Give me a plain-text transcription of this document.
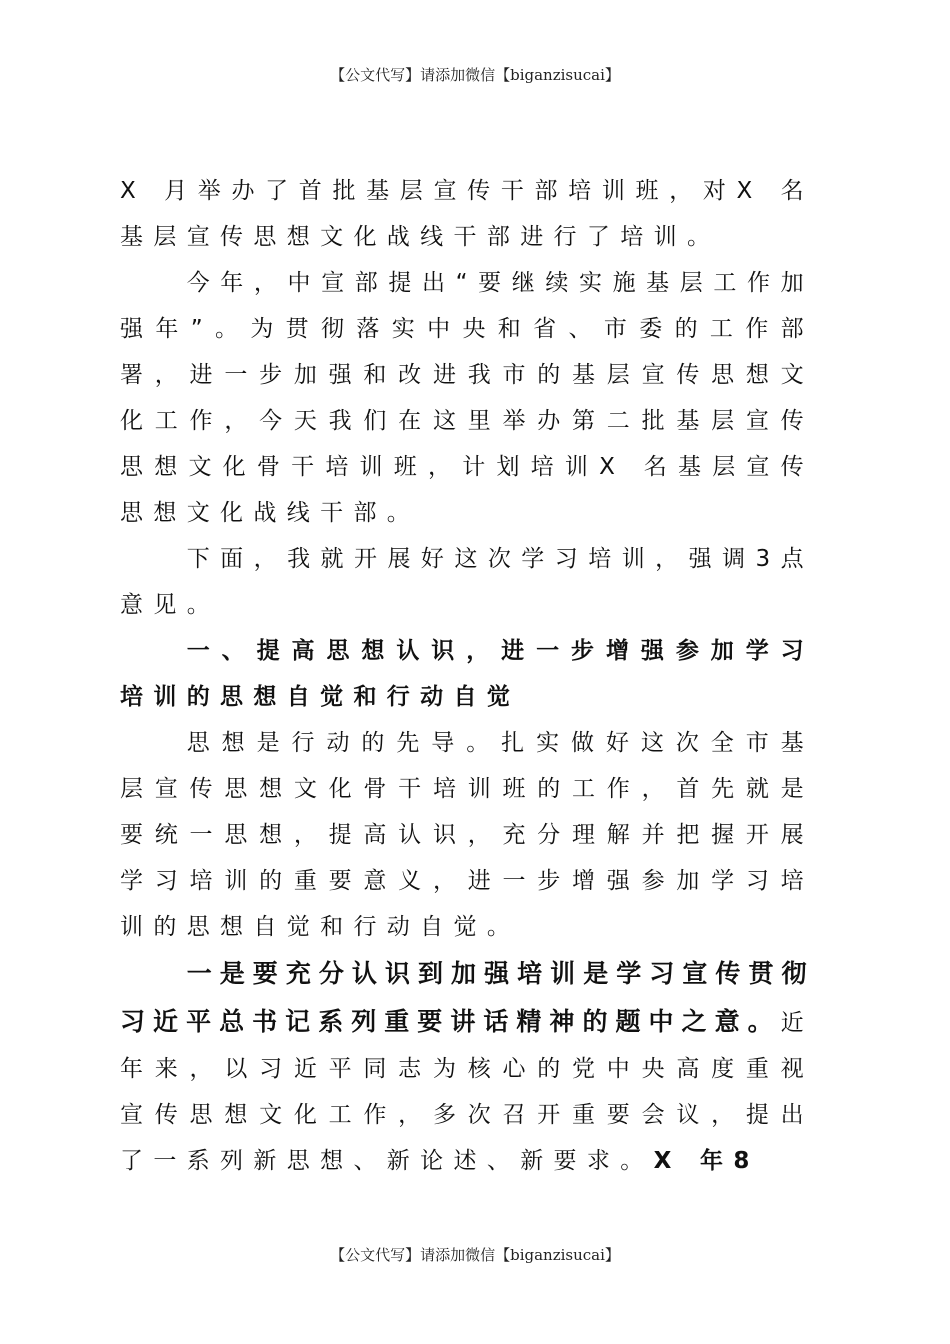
【公文代写】请添加微信【biganzisucai】

X 月举办了首批基层宣传干部培训班，对X 名基层宣传思想文化战线干部进行了培训。

今年，中宣部提出“要继续实施基层工作加强年”。为贯彻落实中央和省、市委的工作部署，进一步加强和改进我市的基层宣传思想文化工作，今天我们在这里举办第二批基层宣传思想文化骨干培训班，计划培训X 名基层宣传思想文化战线干部。

下面，我就开展好这次学习培训，强调3点意见。

一、提高思想认识，进一步增强参加学习培训的思想自觉和行动自觉

思想是行动的先导。扎实做好这次全市基层宣传思想文化骨干培训班的工作，首先就是要统一思想，提高认识，充分理解并把握开展学习培训的重要意义，进一步增强参加学习培训的思想自觉和行动自觉。

一是要充分认识到加强培训是学习宣传贯彻习近平总书记系列重要讲话精神的题中之意。近年来，以习近平同志为核心的党中央高度重视宣传思想文化工作，多次召开重要会议，提出了一系列新思想、新论述、新要求。X 年8

【公文代写】请添加微信【biganzisucai】
